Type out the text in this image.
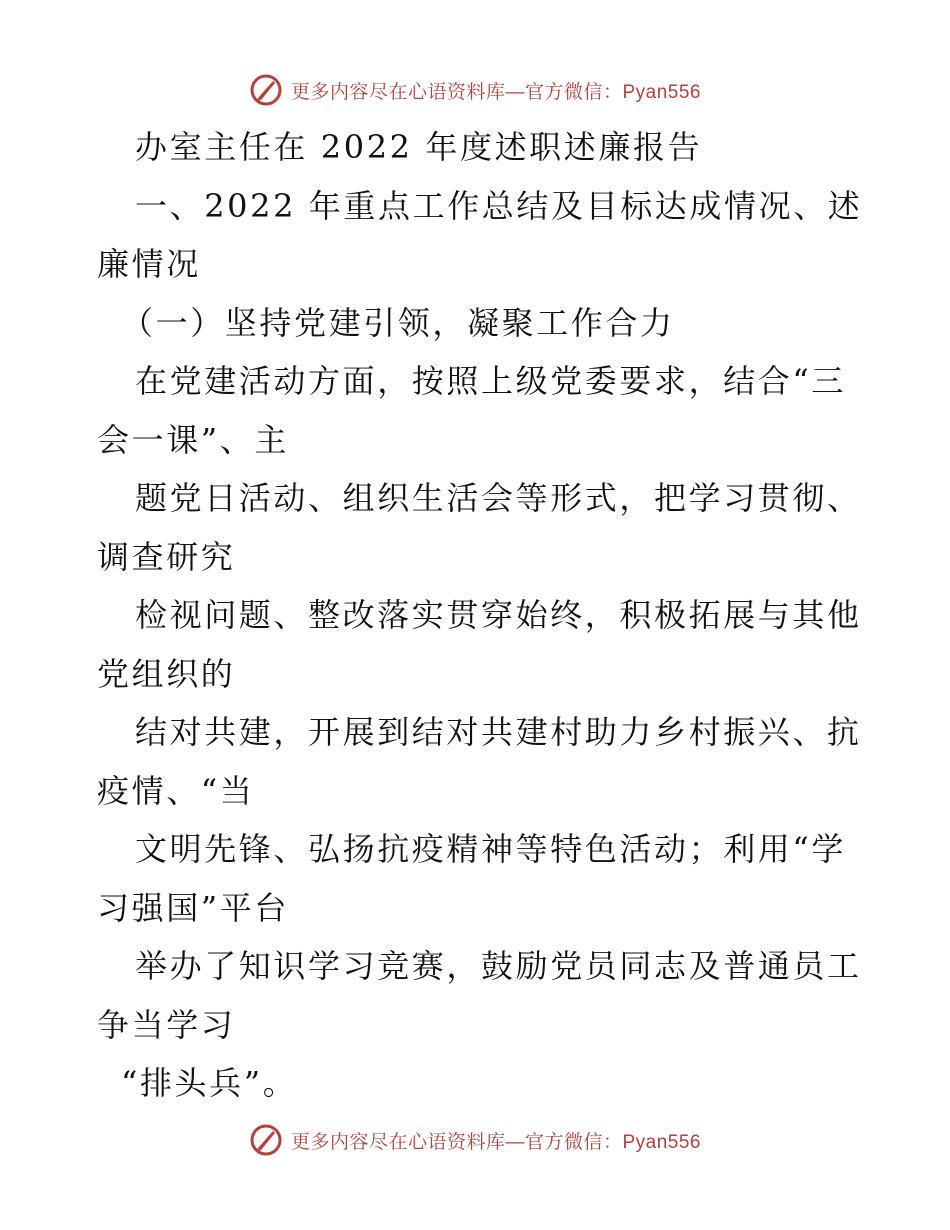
更多内容尽在心语资料库—官方微信：Pyan556
办室主任在 2022 年度述职述廉报告
一、2022 年重点工作总结及目标达成情况、述
廉情况
（一）坚持党建引领，凝聚工作合力
在党建活动方面，按照上级党委要求，结合“三
会一课”、主
题党日活动、组织生活会等形式，把学习贯彻、
调查研究
检视问题、整改落实贯穿始终，积极拓展与其他
党组织的
结对共建，开展到结对共建村助力乡村振兴、抗
疫情、“当
文明先锋、弘扬抗疫精神等特色活动；利用“学
习强国”平台
举办了知识学习竞赛，鼓励党员同志及普通员工
争当学习
“排头兵”。
更多内容尽在心语资料库—官方微信：Pyan556
